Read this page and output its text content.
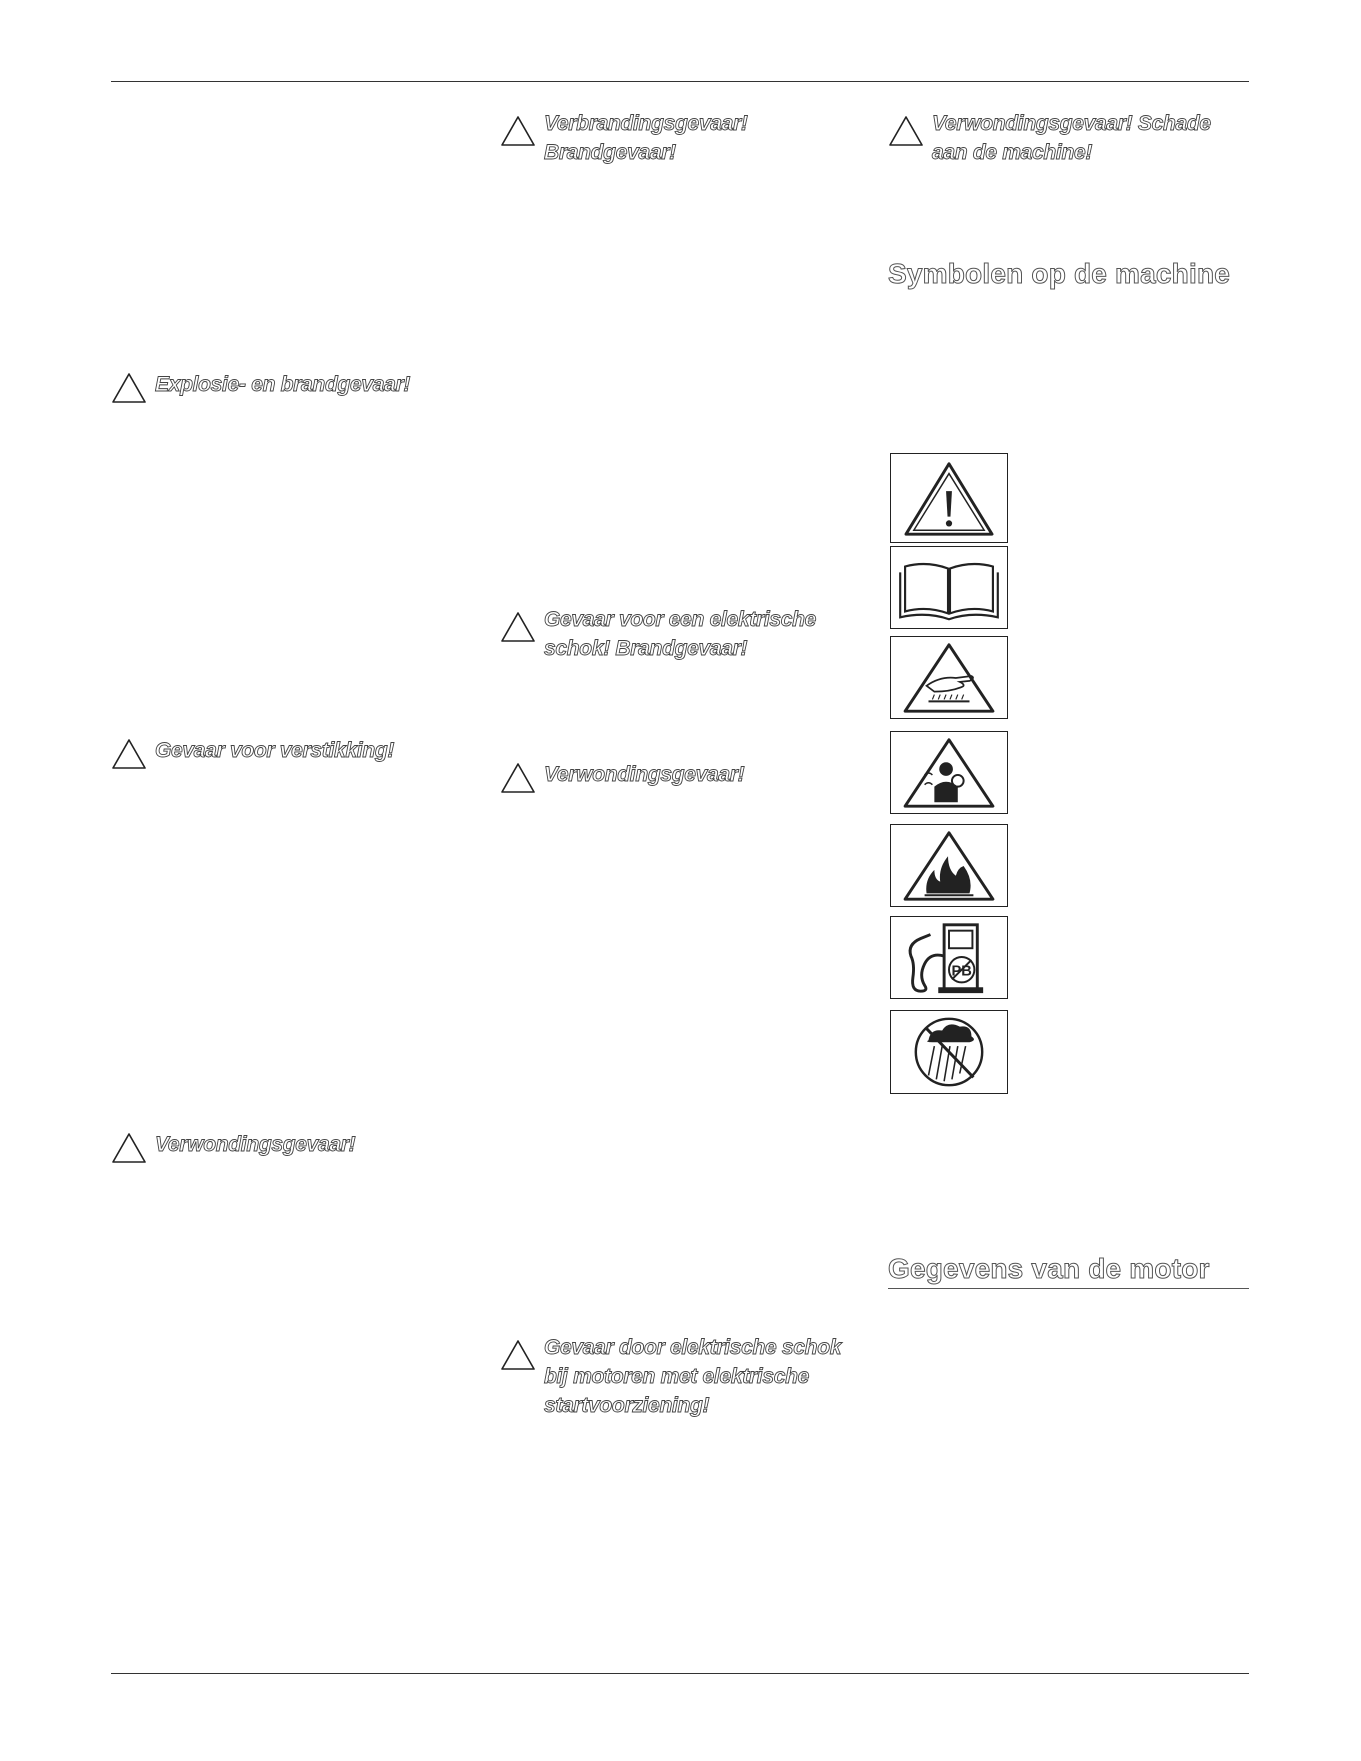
Explosie- en brandgevaar!
Gevaar voor verstikking!
Verwondingsgevaar!
Verbrandingsgevaar! Brandgevaar!
Gevaar voor een elektrische schok! Brandgevaar!
Verwondingsgevaar!
Gevaar door elektrische schok bij motoren met elektrische startvoorziening!
Verwondingsgevaar! Schade aan de machine!
Symbolen op de machine
PB
Gegevens van de motor
